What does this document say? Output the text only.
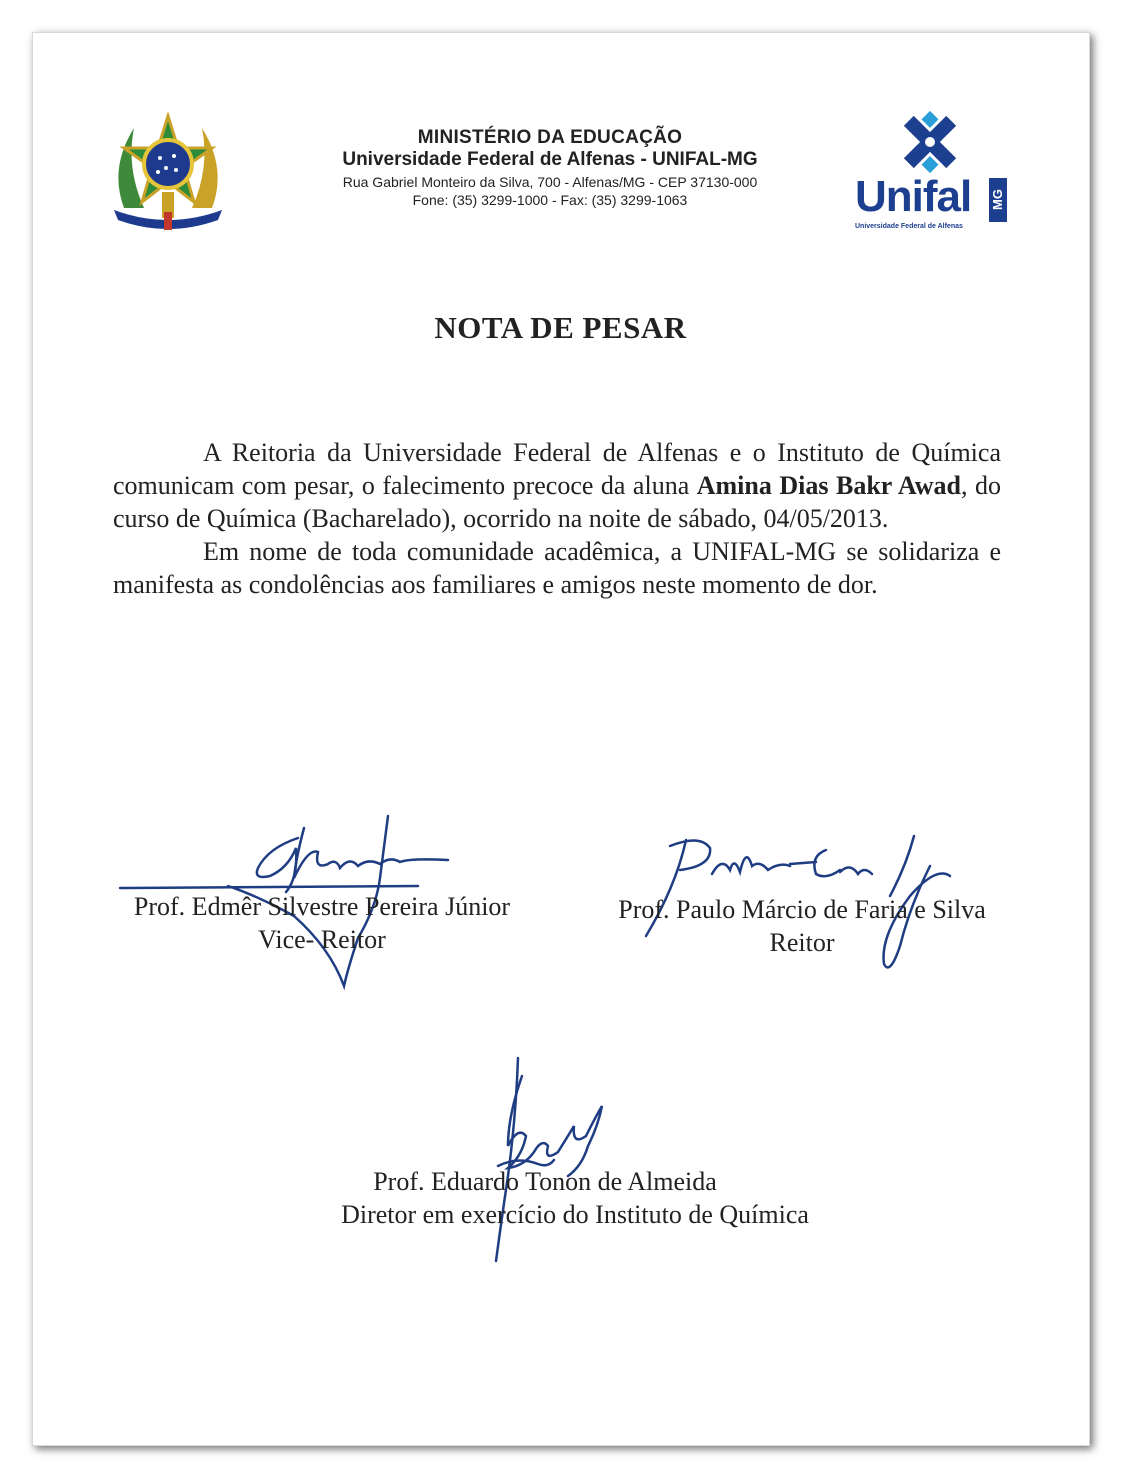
MINISTÉRIO DA EDUCAÇÃO
Universidade Federal de Alfenas - UNIFAL-MG
Rua Gabriel Monteiro da Silva, 700 - Alfenas/MG - CEP 37130-000
Fone: (35) 3299-1000 - Fax: (35) 3299-1063	Unifal MG
Universidade Federal de Alfenas
NOTA DE PESAR

A Reitoria da Universidade Federal de Alfenas e o Instituto de Química comunicam com pesar, o falecimento precoce da aluna Amina Dias Bakr Awad, do curso de Química (Bacharelado), ocorrido na noite de sábado, 04/05/2013.

Em nome de toda comunidade acadêmica, a UNIFAL-MG se solidariza e manifesta as condolências aos familiares e amigos neste momento de dor.

Prof. Edmêr Silvestre Pereira Júnior
Vice- Reitor
Prof. Paulo Márcio de Faria e Silva
Reitor
Prof. Eduardo Tonon de Almeida
Diretor em exercício do Instituto de Química
